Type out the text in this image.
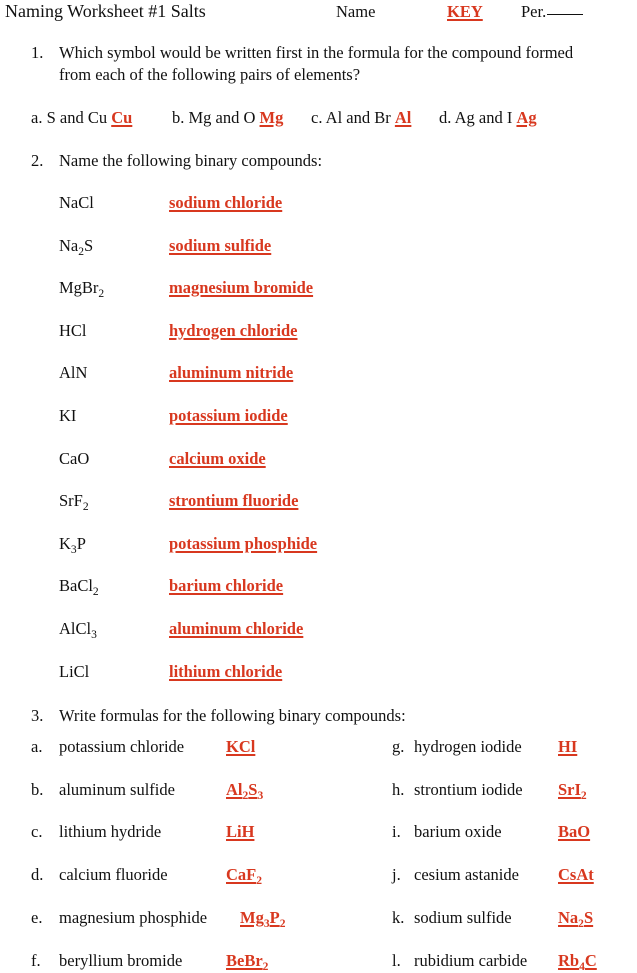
Naming Worksheet #1 Salts	Name	KEY Per.
1. Which symbol would be written first in the formula for the compound formed
from each of the following pairs of elements?
a. S and Cu Cu b. Mg and O Mg c. Al and Br Al d. Ag and I Ag
2. Name the following binary compounds:
NaCl	sodium chloride
$Na_2S$	sodium sulfide
MgBr$_2$	magnesium bromide
HCl	hydrogen chloride
AlN	aluminum nitride
KI	potassium iodide
CaO	calcium oxide
SrF$_2$	strontium fluoride
$K_3P$	potassium phosphide
BaCl$_2$	barium chloride
AlCl$_3$	aluminum chloride
LiCl	lithium chloride
3. Write formulas for the following binary compounds:
a. potassium chloride	KCl
b. aluminum sulfide	$Al_2S_3$
c. lithium hydride	LiH
d. calcium fluoride	CaF$_2$
e. magnesium phosphide $Mg_3P_2$
f. beryllium bromide	BeBr$_2$
g. hydrogen iodide HI
h. strontium iodide SrI$_2$
i. barium oxide	BaO
j. cesium astanide CsAt
k. sodium sulfide	$Na_2S$
l. rubidium carbide $Rb_4C$
